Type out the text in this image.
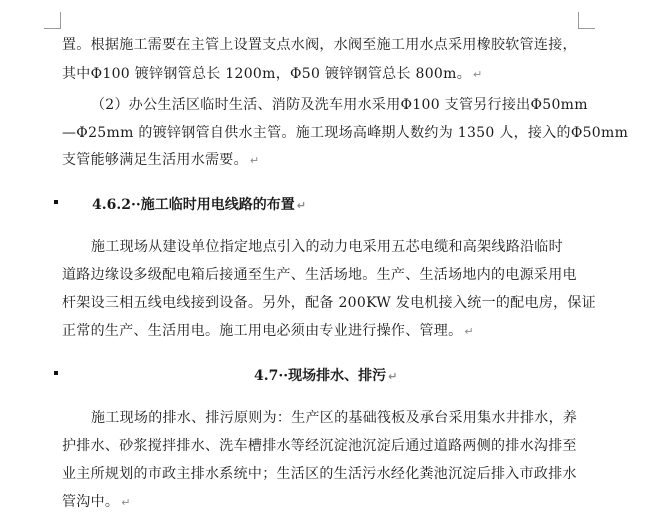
置。根据施工需要在主管上设置支点水阀，水阀至施工用水点采用橡胶软管连接，
其中Φ100 镀锌钢管总长 1200m，Φ50 镀锌钢管总长 800m。 ↵
（2）办公生活区临时生活、消防及洗车用水采用Φ100 支管另行接出Φ50mm
—Φ25mm 的镀锌钢管自供水主管。施工现场高峰期人数约为 1350 人，接入的Φ50mm
支管能够满足生活用水需要。 ↵
4.6.2··施工临时用电线路的布置 ↵
施工现场从建设单位指定地点引入的动力电采用五芯电缆和高架线路沿临时
道路边缘设多级配电箱后接通至生产、生活场地。生产、生活场地内的电源采用电
杆架设三相五线电线接到设备。另外，配备 200KW 发电机接入统一的配电房，保证
正常的生产、生活用电。施工用电必须由专业进行操作、管理。 ↵
4.7··现场排水、排污 ↵
施工现场的排水、排污原则为：生产区的基础筏板及承台采用集水井排水，养
护排水、砂浆搅拌排水、洗车槽排水等经沉淀池沉淀后通过道路两侧的排水沟排至
业主所规划的市政主排水系统中；生活区的生活污水经化粪池沉淀后排入市政排水
管沟中。 ↵
